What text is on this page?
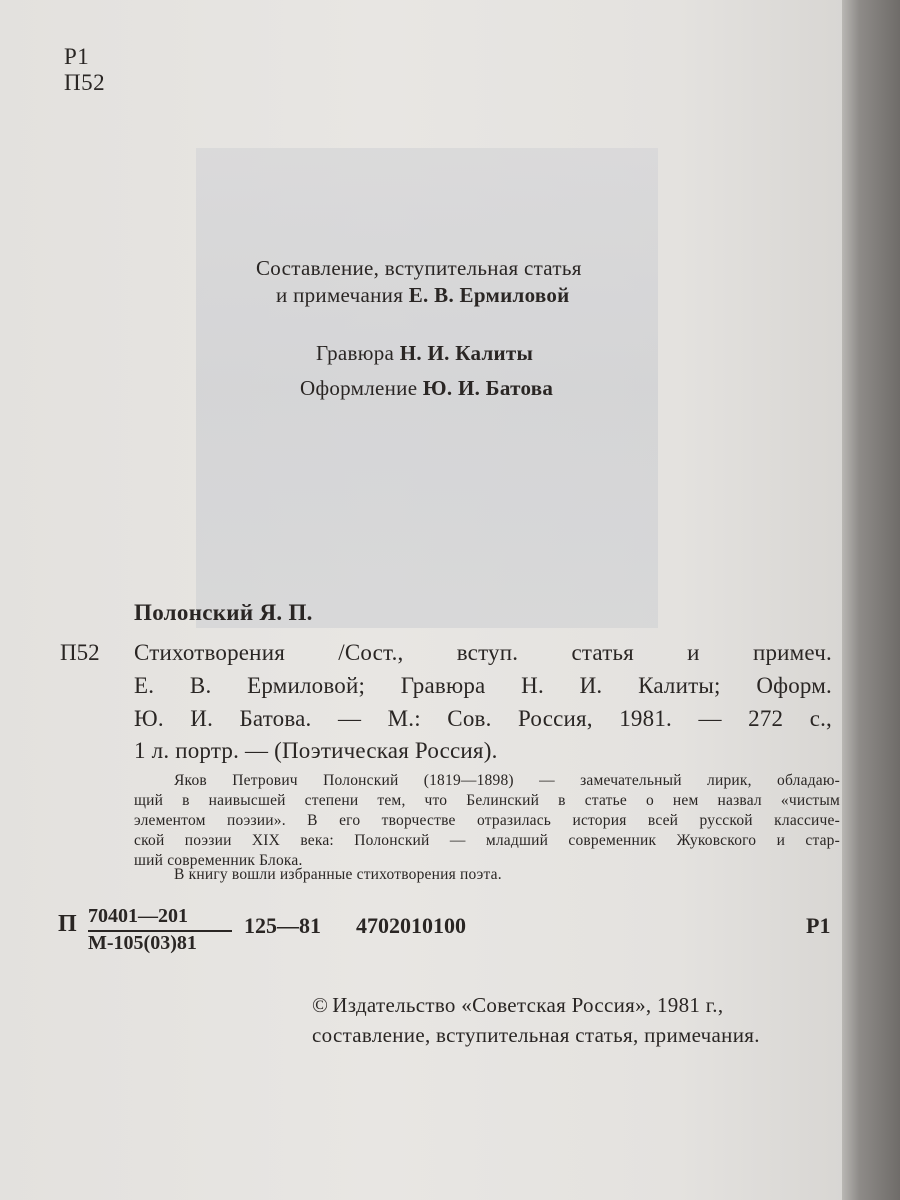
Р1
П52
Составление, вступительная статья
и примечания Е. В. Ермиловой
Гравюра Н. И. Калиты
Оформление Ю. И. Батова
Полонский Я. П.
П52 Стихотворения /Сост., вступ. статья и примеч.
Е. В. Ермиловой; Гравюра Н. И. Калиты; Оформ.
Ю. И. Батова. — М.: Сов. Россия, 1981. — 272 с.,
1 л. портр. — (Поэтическая Россия).
Яков Петрович Полонский (1819—1898) — замечательный лирик, обладаю-
щий в наивысшей степени тем, что Белинский в статье о нем назвал «чистым
элементом поэзии». В его творчестве отразилась история всей русской классиче-
ской поэзии XIX века: Полонский — младший современник Жуковского и стар-
ший современник Блока.
В книгу вошли избранные стихотворения поэта.
П 70401—201
М-105(03)81
125—81 4702010100	Р1
© Издательство «Советская Россия», 1981 г.,
составление, вступительная статья, примечания.
